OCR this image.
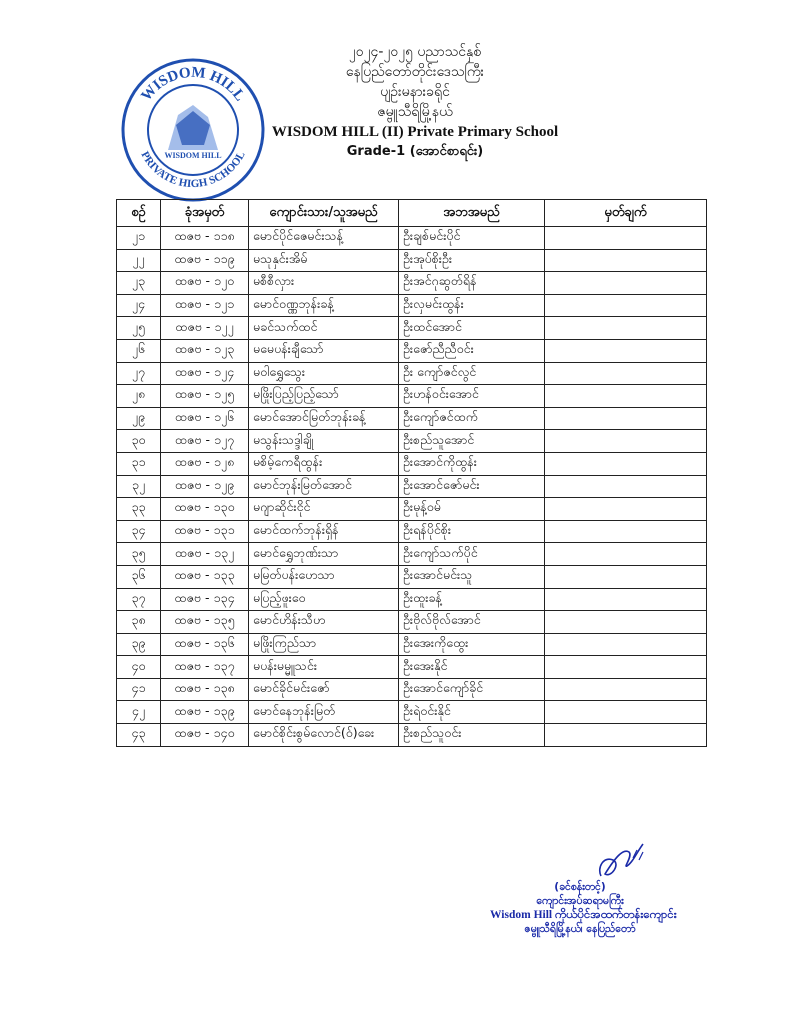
WISDOM HILL
PRIVATE HIGH SCHOOL
WISDOM HILL
၂၀၂၄-၂၀၂၅ ပညာသင်နှစ်
နေပြည်တော်တိုင်းဒေသကြီး
ပျဉ်းမနားခရိုင်
ဇမ္ဗူသီရိမြို့နယ်
WISDOM HILL (II) Private Primary School
Grade-1 (အောင်စာရင်း)
စဉ်	ခုံအမှတ်	ကျောင်းသား/သူအမည်	အဘအမည်	မှတ်ချက်
၂၁	ထဇဗ - ၁၁၈	မောင်ပိုင်ဇေမင်းသန့်	ဦးချစ်မင်းပိုင်	
၂၂	ထဇဗ - ၁၁၉	မသုနှင်းအိမ်	ဦးအုပ်စိုးဦး	
၂၃	ထဇဗ - ၁၂၀	မစီစီလှား	ဦးအင်ဂုဆွတ်ရိန်	
၂၄	ထဇဗ - ၁၂၁	မောင်ဝဏ္ဏဘုန်းခန့်	ဦးလှမင်းထွန်း	
၂၅	ထဇဗ - ၁၂၂	မခင်သက်ထင်	ဦးထင်အောင်	
၂၆	ထဇဗ - ၁၂၃	မမေပန်းချီသော်	ဦးဇော်ညီညီဝင်း	
၂၇	ထဇဗ - ၁၂၄	မဝါရွှေသွေး	ဦး ကျော်ဇင်လွင်	
၂၈	ထဇဗ - ၁၂၅	မဖြိုးပြည့်ပြည့်သော်	ဦးဟန်ဝင်းအောင်	
၂၉	ထဇဗ - ၁၂၆	မောင်အောင်မြတ်ဘုန်းခန့်	ဦးကျော်ဇင်ထက်	
၃၀	ထဇဗ - ၁၂၇	မသွန်းသဒ္ဒါချို	ဦးစည်သူအောင်	
၃၁	ထဇဗ - ၁၂၈	မစိမ့်ကေရီထွန်း	ဦးအောင်ကိုထွန်း	
၃၂	ထဇဗ - ၁၂၉	မောင်ဘုန်းမြတ်အောင်	ဦးအောင်ဇော်မင်း	
၃၃	ထဇဗ - ၁၃၀	မဂျာဆိုင်းငိုင်	ဦးမုန့်ဝမ်	
၃၄	ထဇဗ - ၁၃၁	မောင်ထက်ဘုန်းရှိန်	ဦးရန်ပိုင်စိုး	
၃၅	ထဇဗ - ၁၃၂	မောင်ရွှေဘုဏ်းသာ	ဦးကျော်သက်ပိုင်	
၃၆	ထဇဗ - ၁၃၃	မမြတ်ပန်းဟေသာ	ဦးအောင်မင်းသူ	
၃၇	ထဇဗ - ၁၃၄	မပြည့်ဖူးဝေ	ဦးထူးခန့်	
၃၈	ထဇဗ - ၁၃၅	မောင်ဟိန်းသီဟ	ဦးဗိုလ်ဗိုလ်အောင်	
၃၉	ထဇဗ - ၁၃၆	မဖြိုးကြည်သာ	ဦးအေးကိုထွေး	
၄၀	ထဇဗ - ၁၃၇	မပန်းမမ္မူသင်း	ဦးအေးနိုင်	
၄၁	ထဇဗ - ၁၃၈	မောင်ခိုင်မင်းဇော်	ဦးအောင်ကျော်ခိုင်	
၄၂	ထဇဗ - ၁၃၉	မောင်နေဘုန်းမြတ်	ဦးရဲဝင်းနိုင်	
၄၃	ထဇဗ - ၁၄၀	မောင်စိုင်းစွမ်လောင်(ဝ်)ခေး	ဦးစည်သူဝင်း	
(ခင်စန်းတင့်)
ကျောင်းအုပ်ဆရာမကြီး
Wisdom Hill ကိုယ်ပိုင်အထက်တန်းကျောင်း
ဇမ္ဗူသီရိမြို့နယ်၊ နေပြည်တော်
